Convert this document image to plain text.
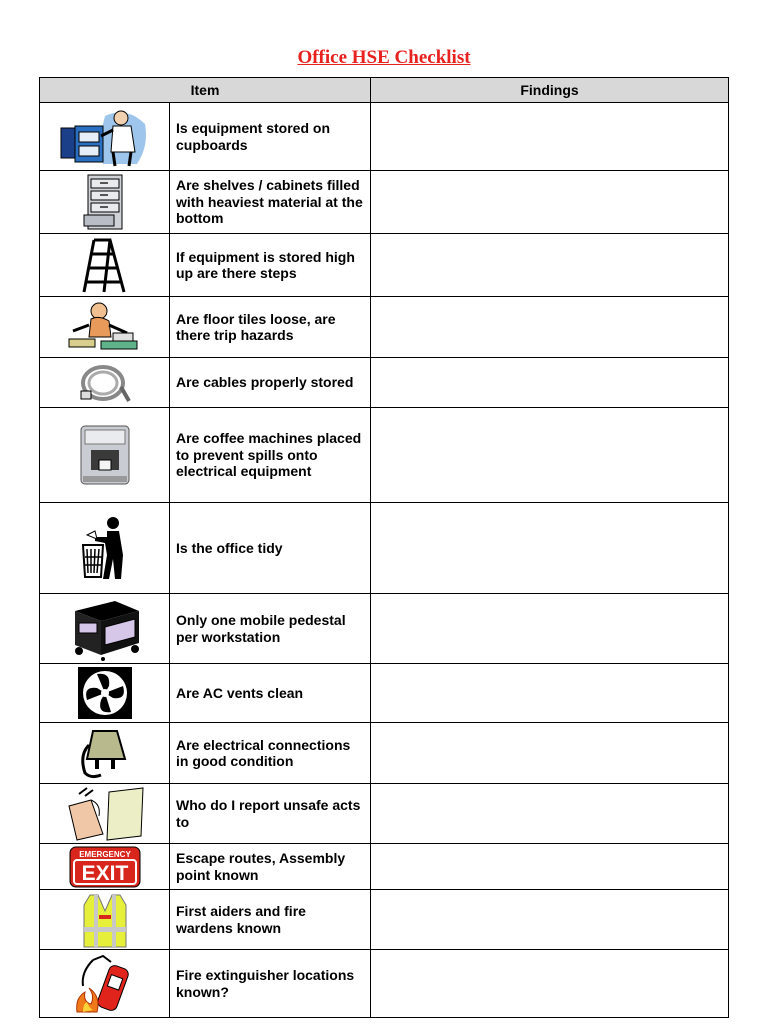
Office HSE Checklist
Item		Findings

	Is equipment stored on cupboards	

	Are shelves / cabinets filled with heaviest material at the bottom	

	If equipment is stored high up are there steps	

	Are floor tiles loose, are there trip hazards	

	Are cables properly stored	

	Are coffee machines placed to prevent spills onto electrical equipment	

	Is the office tidy	

	Only one mobile pedestal per workstation	

	Are AC vents clean	

	Are electrical connections in good condition	

	Who do I report unsafe acts to	

EMERGENCY
EXIT	Escape routes, Assembly point known	

	First aiders and fire wardens known	

	Fire extinguisher locations known?	
